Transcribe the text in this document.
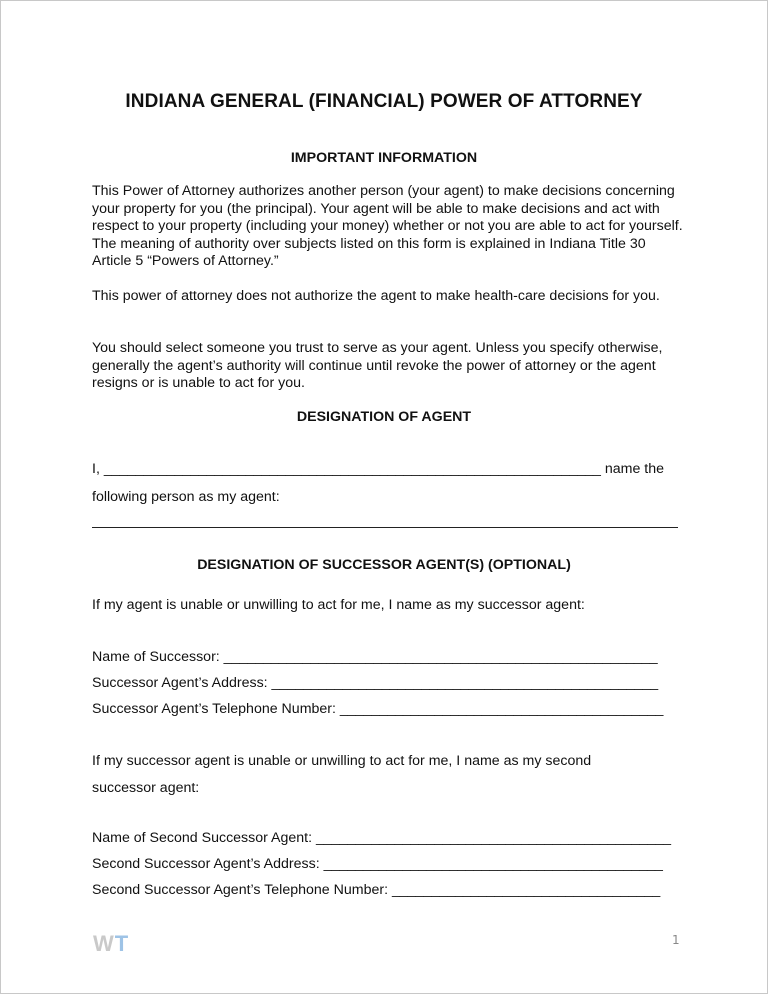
INDIANA GENERAL (FINANCIAL) POWER OF ATTORNEY
IMPORTANT INFORMATION

This Power of Attorney authorizes another person (your agent) to make decisions concerning your property for you (the principal). Your agent will be able to make decisions and act with respect to your property (including your money) whether or not you are able to act for yourself. The meaning of authority over subjects listed on this form is explained in Indiana Title 30 Article 5 “Powers of Attorney.”

This power of attorney does not authorize the agent to make health-care decisions for you.

You should select someone you trust to serve as your agent. Unless you specify otherwise, generally the agent’s authority will continue until revoke the power of attorney or the agent resigns or is unable to act for you.

DESIGNATION OF AGENT
I, _______________________________________________________________ name the
following person as my agent:
DESIGNATION OF SUCCESSOR AGENT(S) (OPTIONAL)
If my agent is unable or unwilling to act for me, I name as my successor agent:
Name of Successor: _______________________________________________________
Successor Agent’s Address: _________________________________________________
Successor Agent’s Telephone Number: _________________________________________
If my successor agent is unable or unwilling to act for me, I name as my second
successor agent:
Name of Second Successor Agent: _____________________________________________
Second Successor Agent’s Address: ___________________________________________
Second Successor Agent’s Telephone Number: __________________________________
WT	1
